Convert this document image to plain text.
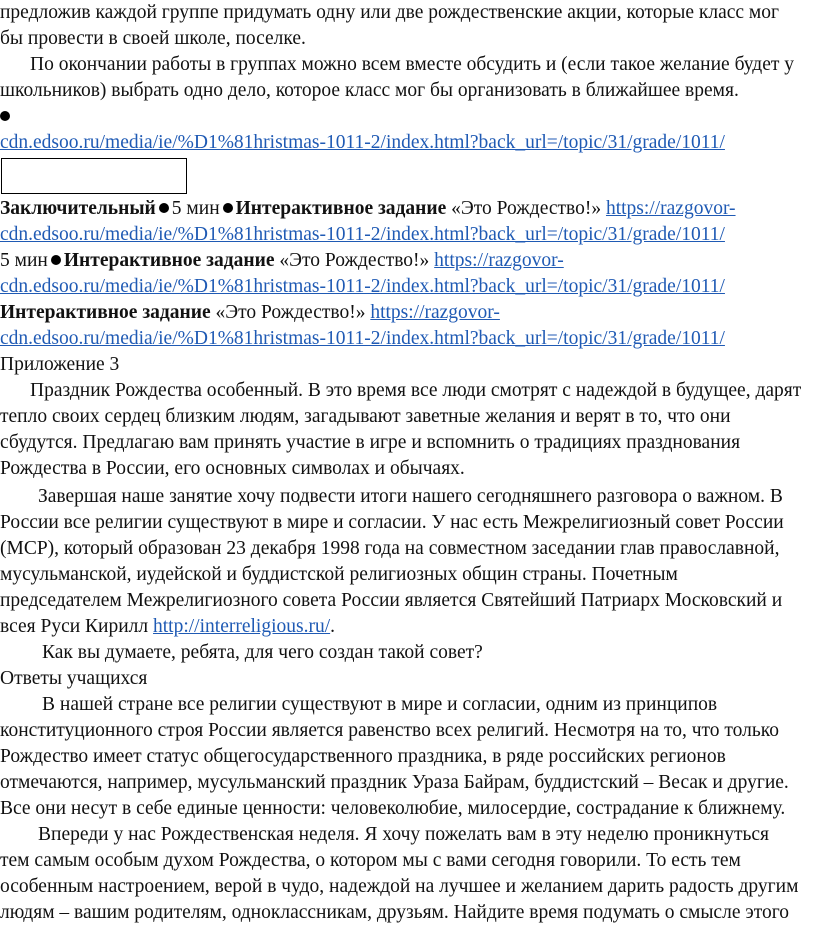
предложив каждой группе придумать одну или две рождественские акции, которые класс мог
бы провести в своей школе, поселке.
По окончании работы в группах можно всем вместе обсудить и (если такое желание будет у
школьников) выбрать одно дело, которое класс мог бы организовать в ближайшее время.
cdn.edsoo.ru/media/ie/%D1%81hristmas-1011-2/index.html?back_url=/topic/31/grade/1011/
Заключительный 5 мин Интерактивное задание «Это Рождество!» https://razgovor-
cdn.edsoo.ru/media/ie/%D1%81hristmas-1011-2/index.html?back_url=/topic/31/grade/1011/
5 мин Интерактивное задание «Это Рождество!» https://razgovor-
cdn.edsoo.ru/media/ie/%D1%81hristmas-1011-2/index.html?back_url=/topic/31/grade/1011/
Интерактивное задание «Это Рождество!» https://razgovor-
cdn.edsoo.ru/media/ie/%D1%81hristmas-1011-2/index.html?back_url=/topic/31/grade/1011/
Приложение 3
Праздник Рождества особенный. В это время все люди смотрят с надеждой в будущее, дарят
тепло своих сердец близким людям, загадывают заветные желания и верят в то, что они
сбудутся. Предлагаю вам принять участие в игре и вспомнить о традициях празднования
Рождества в России, его основных символах и обычаях.
Завершая наше занятие хочу подвести итоги нашего сегодняшнего разговора о важном. В
России все религии существуют в мире и согласии. У нас есть Межрелигиозный совет России
(МСР), который образован 23 декабря 1998 года на совместном заседании глав православной,
мусульманской, иудейской и буддистской религиозных общин страны. Почетным
председателем Межрелигиозного совета России является Святейший Патриарх Московский и
всея Руси Кирилл http://interreligious.ru/.
Как вы думаете, ребята, для чего создан такой совет?
Ответы учащихся
В нашей стране все религии существуют в мире и согласии, одним из принципов
конституционного строя России является равенство всех религий. Несмотря на то, что только
Рождество имеет статус общегосударственного праздника, в ряде российских регионов
отмечаются, например, мусульманский праздник Ураза Байрам, буддистский – Весак и другие.
Все они несут в себе единые ценности: человеколюбие, милосердие, сострадание к ближнему.
Впереди у нас Рождественская неделя. Я хочу пожелать вам в эту неделю проникнуться
тем самым особым духом Рождества, о котором мы с вами сегодня говорили. То есть тем
особенным настроением, верой в чудо, надеждой на лучшее и желанием дарить радость другим
людям – вашим родителям, одноклассникам, друзьям. Найдите время подумать о смысле этого
